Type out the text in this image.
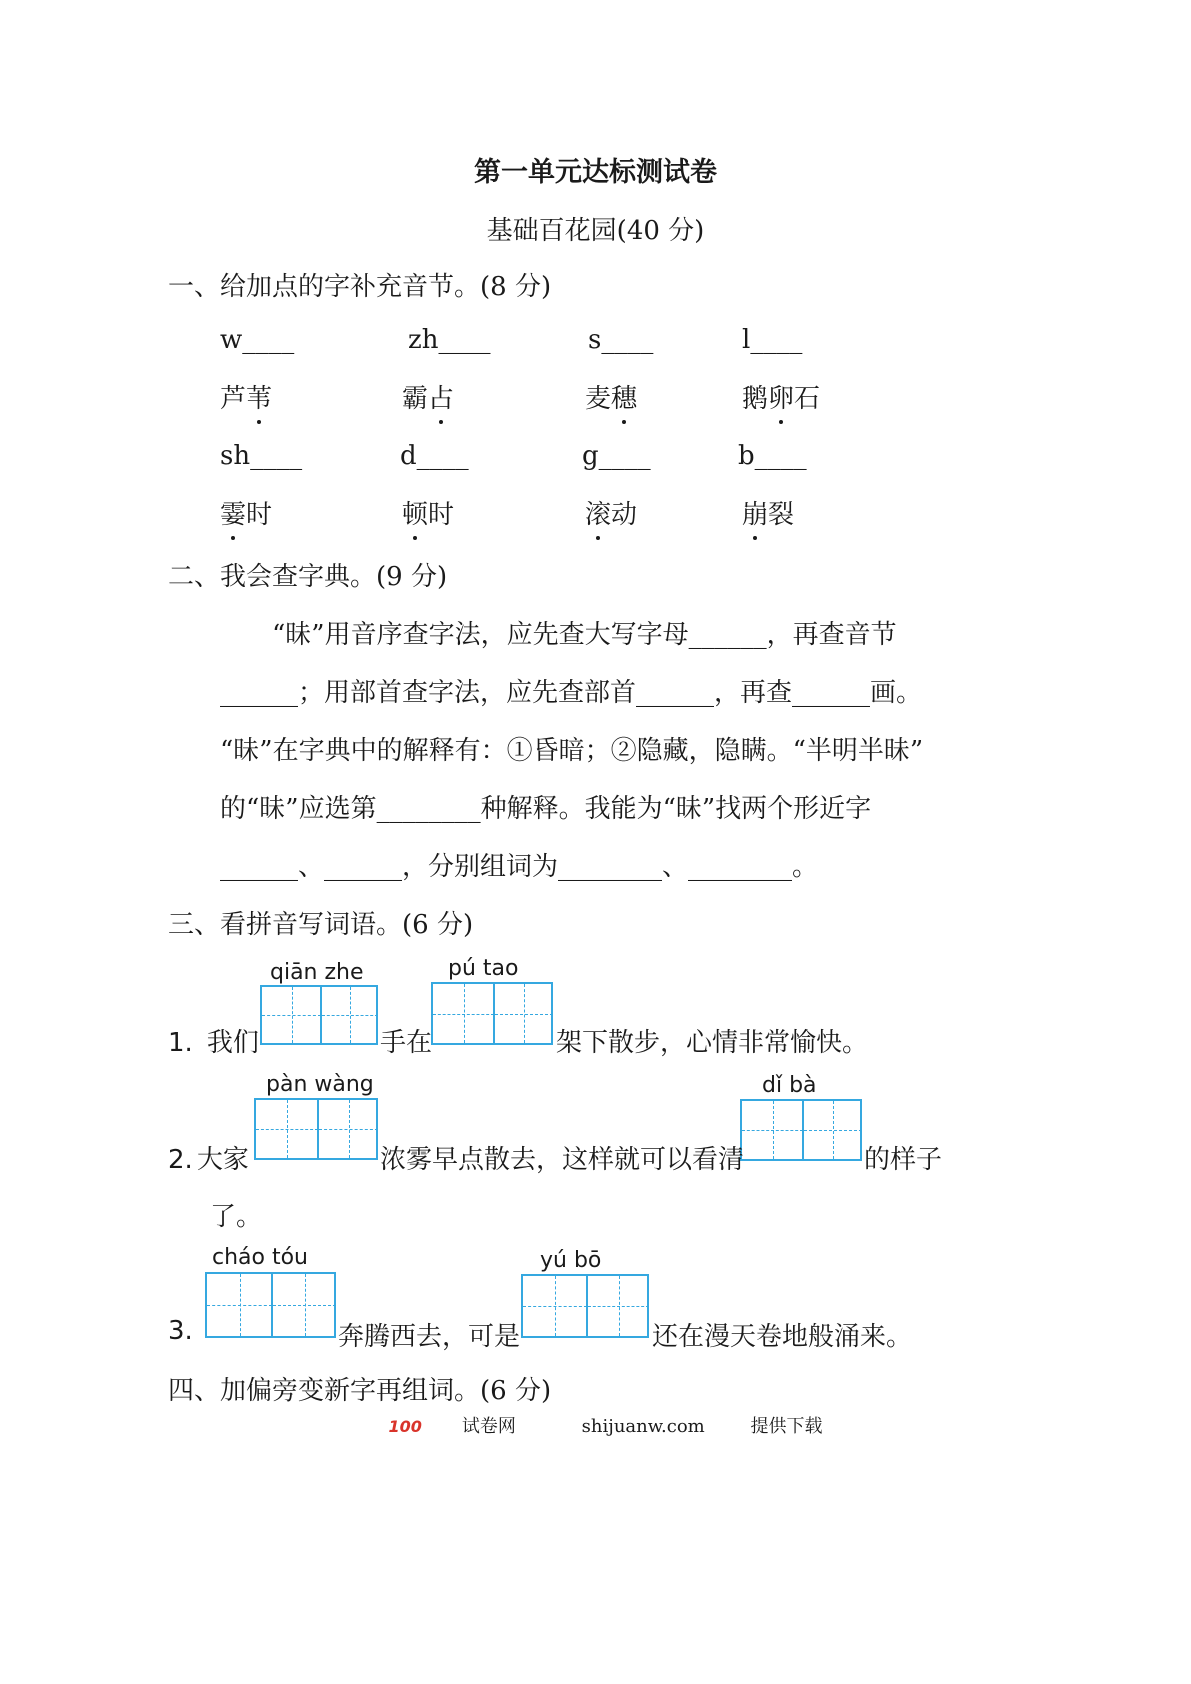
第一单元达标测试卷
基础百花园(40 分)
一、给加点的字补充音节。(8 分)
w____	zh____	s____	l____
芦苇	霸占	麦穗	鹅卵石
sh____	d____	g____	b____
霎时	顿时	滚动	崩裂
二、我会查字典。(9 分)
“昧”用音序查字法，应先查大写字母______，再查音节
______；用部首查字法，应先查部首______，再查______画。
“昧”在字典中的解释有：①昏暗；②隐藏，隐瞒。“半明半昧”
的“昧”应选第________种解释。我能为“昧”找两个形近字
______、______，分别组词为________、________。
三、看拼音写词语。(6 分)
qiān zhe	pú tao
1. 我们	手在	架下散步，心情非常愉快。
pàn wàng	dǐ bà
2. 大家	浓雾早点散去，这样就可以看清	的样子
了。
cháo tóu	yú bō
3.	奔腾西去，可是	还在漫天卷地般涌来。
四、加偏旁变新字再组词。(6 分)
100 试卷网	shijuanw.com	提供下载
